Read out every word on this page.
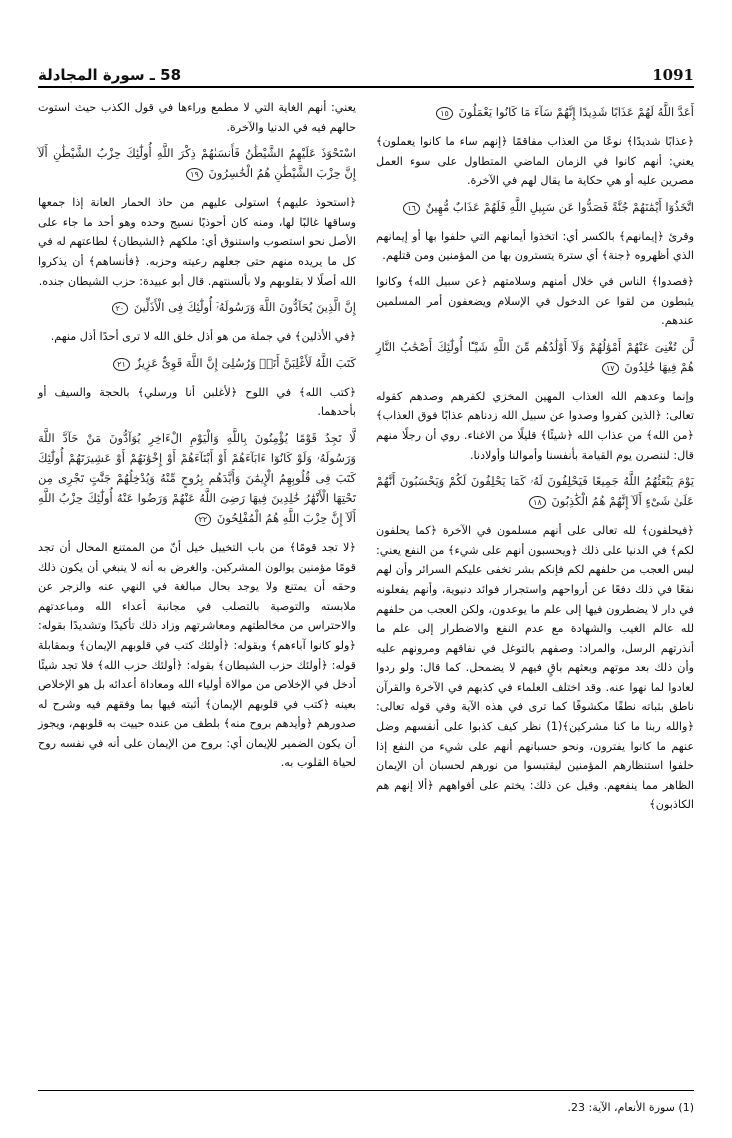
1091
58 ـ سورة المجادلة
أَعَدَّ اللَّهُ لَهُمْ عَذَابًا شَدِيدًا إِنَّهُمْ سَآءَ مَا كَانُوا يَعْمَلُونَ ١٥

﴿عذابًا شديدًا﴾ نوعًا من العذاب مفاقمًا ﴿إنهم ساء ما كانوا يعملون﴾ يعني: أنهم كانوا في الزمان الماضي المتطاول على سوء العمل مصرين عليه أو هي حكاية ما يقال لهم في الآخرة.

اتَّخَذُوٓا أَيْمَٰنَهُمْ جُنَّةً فَصَدُّوا عَن سَبِيلِ اللَّهِ فَلَهُمْ عَذَابٌ مُّهِينٌ ١٦

وقرئ ﴿إيمانهم﴾ بالكسر أي: اتخذوا أيمانهم التي حلفوا بها أو إيمانهم الذي أظهروه ﴿جنة﴾ أي سترة يتسترون بها من المؤمنين ومن قتلهم.

﴿فصدوا﴾ الناس في خلال أمنهم وسلامتهم ﴿عن سبيل الله﴾ وكانوا يثبطون من لقوا عن الدخول في الإسلام ويضعفون أمر المسلمين عندهم.

لَّن تُغْنِىَ عَنْهُمْ أَمْوَٰلُهُمْ وَلَآ أَوْلَٰدُهُم مِّنَ اللَّهِ شَيْـًٔا أُولَٰٓئِكَ أَصْحَٰبُ النَّارِ هُمْ فِيهَا خَٰلِدُونَ ١٧

وإنما وعدهم الله العذاب المهين المخزي لكفرهم وصدهم كقوله تعالى: ﴿الذين كفروا وصدوا عن سبيل الله زدناهم عذابًا فوق العذاب﴾ ﴿من الله﴾ من عذاب الله ﴿شيئًا﴾ قليلًا من الاغناء. روي أن رجلًا منهم قال: لننصرن يوم القيامة بأنفسنا وأموالنا وأولادنا.

يَوْمَ يَبْعَثُهُمُ اللَّهُ جَمِيعًا فَيَحْلِفُونَ لَهُۥ كَمَا يَحْلِفُونَ لَكُمْ وَيَحْسَبُونَ أَنَّهُمْ عَلَىٰ شَىْءٍ أَلَآ إِنَّهُمْ هُمُ الْكَٰذِبُونَ ١٨

﴿فيحلفون﴾ لله تعالى على أنهم مسلمون في الآخرة ﴿كما يحلفون لكم﴾ في الدنيا على ذلك ﴿ويحسبون أنهم على شيء﴾ من النفع يعني: ليس العجب من حلفهم لكم فإنكم بشر تخفى عليكم السرائر وأن لهم نفعًا في ذلك دفعًا عن أرواحهم واستجرار فوائد دنيوية، وأنهم يفعلونه في دار لا يضطرون فيها إلى علم ما يوعدون، ولكن العجب من حلفهم لله عالم الغيب والشهادة مع عدم النفع والاضطرار إلى علم ما أنذرتهم الرسل، والمراد: وصفهم بالتوغل في نفاقهم ومرونهم عليه وأن ذلك بعد موتهم وبعثهم باقٍ فيهم لا يضمحل. كما قال: ولو ردوا لعادوا لما نهوا عنه. وقد اختلف العلماء في كذبهم في الآخرة والقرآن ناطق بثباته نطقًا مكشوفًا كما ترى في هذه الآية وفي قوله تعالى: ﴿والله ربنا ما كنا مشركين﴾(1) نظر كيف كذبوا على أنفسهم وضل عنهم ما كانوا يفترون، ونحو حسبانهم أنهم على شيء من النفع إذا حلفوا استنظارهم المؤمنين ليقتبسوا من نورهم لحسبان أن الإيمان الظاهر مما ينفعهم. وقيل عن ذلك: يختم على أفواههم ﴿ألا إنهم هم الكاذبون﴾

يعني: أنهم الغاية التي لا مطمع وراءها في قول الكذب حيث استوت حالهم فيه في الدنيا والآخرة.

اسْتَحْوَذَ عَلَيْهِمُ الشَّيْطَٰنُ فَأَنسَىٰهُمْ ذِكْرَ اللَّهِ أُولَٰٓئِكَ حِزْبُ الشَّيْطَٰنِ أَلَآ إِنَّ حِزْبَ الشَّيْطَٰنِ هُمُ الْخَٰسِرُونَ ١٩

﴿استحوذ عليهم﴾ استولى عليهم من حاذ الحمار العانة إذا جمعها وساقها غالبًا لها، ومنه كان أحوذيًا نسيج وحده وهو أحد ما جاء على الأصل نحو استصوب واستنوق أي: ملكهم ﴿الشيطان﴾ لطاعتهم له في كل ما يريده منهم حتى جعلهم رعيته وحزبه. ﴿فأنساهم﴾ أن يذكروا الله أصلًا لا بقلوبهم ولا بألسنتهم. قال أبو عبيدة: حزب الشيطان جنده.

إِنَّ الَّذِينَ يُحَآدُّونَ اللَّهَ وَرَسُولَهُۥٓ أُولَٰٓئِكَ فِى الْأَذَلِّينَ ٢٠

﴿في الأذلين﴾ في جملة من هو أذل خلق الله لا ترى أحدًا أذل منهم.

كَتَبَ اللَّهُ لَأَغْلِبَنَّ أَنَا۠ وَرُسُلِىٓ إِنَّ اللَّهَ قَوِىٌّ عَزِيزٌ ٢١

﴿كتب الله﴾ في اللوح ﴿لأغلبن أنا ورسلي﴾ بالحجة والسيف أو بأحدهما.

لَّا تَجِدُ قَوْمًا يُؤْمِنُونَ بِاللَّهِ وَالْيَوْمِ الْءَاخِرِ يُوَآدُّونَ مَنْ حَآدَّ اللَّهَ وَرَسُولَهُۥ وَلَوْ كَانُوٓا ءَابَآءَهُمْ أَوْ أَبْنَآءَهُمْ أَوْ إِخْوَٰنَهُمْ أَوْ عَشِيرَتَهُمْ أُولَٰٓئِكَ كَتَبَ فِى قُلُوبِهِمُ الْإِيمَٰنَ وَأَيَّدَهُم بِرُوحٍ مِّنْهُ وَيُدْخِلُهُمْ جَنَّٰتٍ تَجْرِى مِن تَحْتِهَا الْأَنْهَٰرُ خَٰلِدِينَ فِيهَا رَضِىَ اللَّهُ عَنْهُمْ وَرَضُوا عَنْهُ أُولَٰٓئِكَ حِزْبُ اللَّهِ أَلَآ إِنَّ حِزْبَ اللَّهِ هُمُ الْمُفْلِحُونَ ٢٢

﴿لا تجد قومًا﴾ من باب التخييل خيل أنّ من الممتنع المحال أن تجد قومًا مؤمنين يوالون المشركين. والغرض به أنه لا ينبغي أن يكون ذلك وحقه أن يمتنع ولا يوجد بحال مبالغة في النهي عنه والزجر عن ملابسته والتوصية بالتصلب في مجانبة أعداء الله ومباعدتهم والاحتراس من مخالطتهم ومعاشرتهم وزاد ذلك تأكيدًا وتشديدًا بقوله: ﴿ولو كانوا آباءهم﴾ وبقوله: ﴿أولئك كتب في قلوبهم الإيمان﴾ وبمقابلة قوله: ﴿أولئك حزب الشيطان﴾ بقوله: ﴿أولئك حزب الله﴾ فلا تجد شيئًا أدخل في الإخلاص من موالاة أولياء الله ومعاداة أعدائه بل هو الإخلاص بعينه ﴿كتب في قلوبهم الإيمان﴾ أثبته فيها بما وفقهم فيه وشرح له صدورهم ﴿وأيدهم بروح منه﴾ بلطف من عنده حييت به قلوبهم، ويجوز أن يكون الضمير للإيمان أي: بروح من الإيمان على أنه في نفسه روح لحياة القلوب به.

(1) سورة الأنعام، الآية: 23.
